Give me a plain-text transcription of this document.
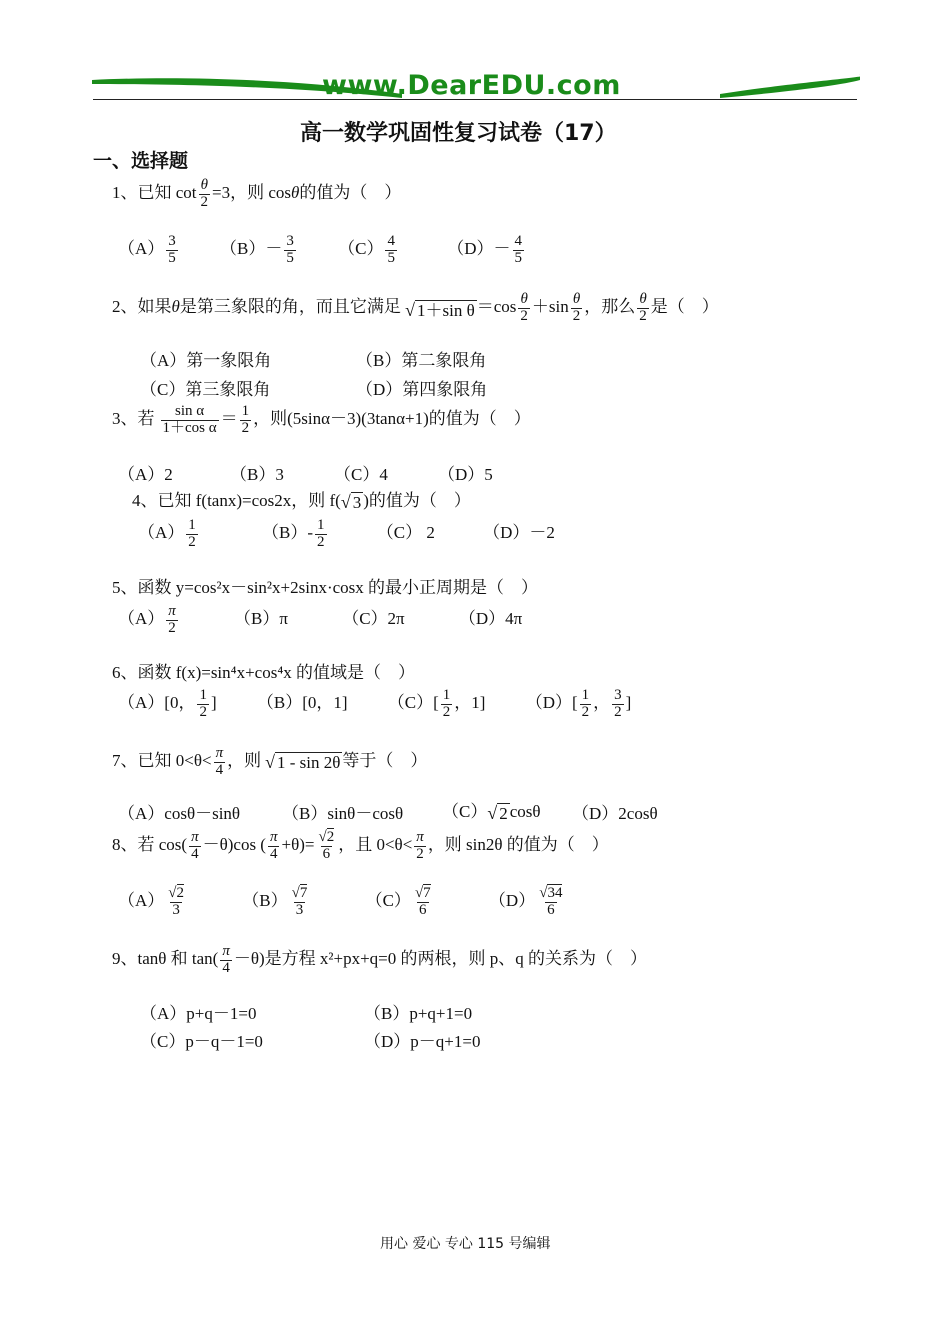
www.DearEDU.com
高一数学巩固性复习试卷（17）
一、选择题
1、已知 $\cot \frac{\theta}{2} =3$，则 cosθ的值为（　）
$(A) \frac{3}{5} (B)- \frac{3}{5} (C) \frac{4}{5}$	$(D)- \frac{4}{5}$
2、如果θ是第三象限的角，而且它满足 √ 1＋sin $\theta =\cos \frac{\theta}{2} +\sin \frac{\theta}{2}$ ，那么 $\frac{\theta}{2}$ 是（　）
（A）第一象限角	（B）第二象限角
（C）第三象限角	（D）第四象限角
3、若 $\frac{\text{sin α}}{\text{1＋cos α}} = \frac{1}{2}$ ，则(5sinα－3)(3tanα+1)的值为（　）
（A）2	（B）3	（C）4	（D）5
4、已知 f(tanx)=cos2x，则 f(√ 3 )的值为（　）
$(A) \frac{1}{2}$	$(B)- \frac{1}{2}$	（C） 2	（D）－2
5、函数 y=cos²x－sin²x+2sinx·cosx 的最小正周期是（　）
$(A) \frac{\pi}{2}$	（B）π	（C）2π	（D）4π
6、函数 f(x)=sin⁴x+cos⁴x 的值域是（　）
（A）[0， $\frac{1}{2}$ ] （B）[0，1] $(C)[ \frac{1}{2}$ ，1] $(D)[ \frac{1}{2}$ ， $\frac{3}{2}$ ]
7、已知 $0<\theta< \frac{\pi}{4}$ ，则 √ 1 - sin 2θ 等于（　）
（A）cosθ－sinθ （B）sinθ－cosθ （C）√ 2 cosθ （D）2cosθ
8、若 $\cos( \frac{\pi}{4} -\theta)\cos$ ( $\frac{\pi}{4} +\theta)= \frac{√2}{6}$ ，且 $0<\theta< \frac{\pi}{2}$ ，则 sin2θ 的值为（　）
$(A) \frac{√2}{3}$	$(B) \frac{√7}{3}$	$(C) \frac{√7}{6}$	$(D) \frac{√34}{6}$
9、tanθ 和 $\tan( \frac{\pi}{4} -\theta)$是方程 x²+px+q=0 的两根，则 p、q 的关系为（　）
（A）p+q－1=0	（B）p+q+1=0
（C）p－q－1=0	（D）p－q+1=0
用心 爱心 专心 115 号编辑
